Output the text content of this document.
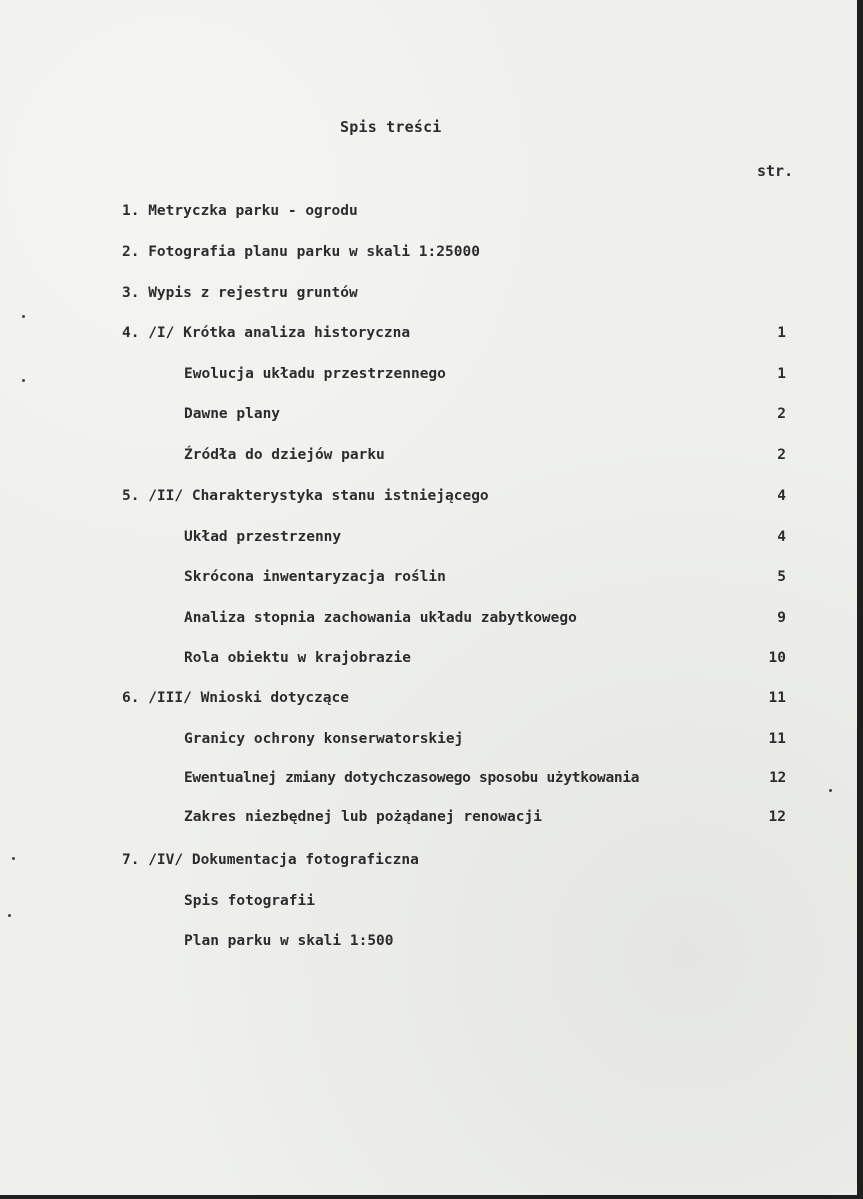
Spis treści
str.
1. Metryczka parku - ogrodu
2. Fotografia planu parku w skali 1:25000
3. Wypis z rejestru gruntów
4. /I/ Krótka analiza historyczna	1
Ewolucja układu przestrzennego	1
Dawne plany	2
Źródła do dziejów parku	2
5. /II/ Charakterystyka stanu istniejącego	4
Układ przestrzenny	4
Skrócona inwentaryzacja roślin	5
Analiza stopnia zachowania układu zabytkowego	9
Rola obiektu w krajobrazie	10
6. /III/ Wnioski dotyczące	11
Granicy ochrony konserwatorskiej	11
Ewentualnej zmiany dotychczasowego sposobu użytkowania	12
Zakres niezbędnej lub pożądanej renowacji	12
7. /IV/ Dokumentacja fotograficzna
Spis fotografii
Plan parku w skali 1:500
